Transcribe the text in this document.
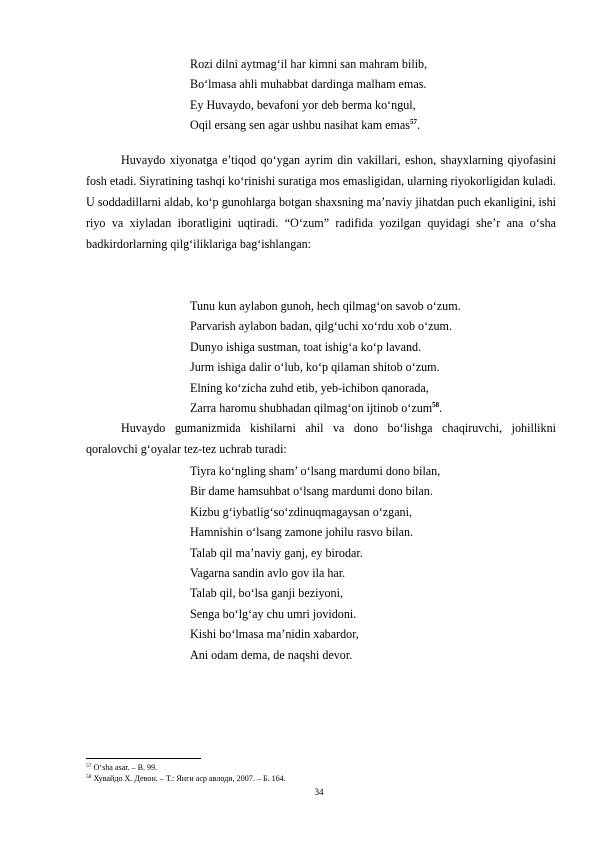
Rozi dilni aytmag‘il har kimni san mahram bilib,
Bo‘lmasa ahli muhabbat dardinga malham emas.
Ey Huvaydo, bevafoni yor deb berma ko‘ngul,
Oqil ersang sen agar ushbu nasihat kam emas$^{57}$.

Huvaydo xiyonatga e’tiqod qo‘ygan ayrim din vakillari, eshon, shayxlarning qiyofasini fosh etadi. Siyratining tashqi ko‘rinishi suratiga mos emasligidan, ularning riyokorligidan kuladi. U soddadillarni aldab, ko‘p gunohlarga botgan shaxsning ma’naviy jihatdan puch ekanligini, ishi riyo va xiyladan iboratligini uqtiradi. “O‘zum” radifida yozilgan quyidagi she’r ana o‘sha badkirdorlarning qilg‘iliklariga bag‘ishlangan:

Tunu kun aylabon gunoh, hech qilmag‘on savob o‘zum.
Parvarish aylabon badan, qilg‘uchi xo‘rdu xob o‘zum.
Dunyo ishiga sustman, toat ishig‘a ko‘p lavand.
Jurm ishiga dalir o‘lub, ko‘p qilaman shitob o‘zum.
Elning ko‘zicha zuhd etib, yeb-ichibon qanorada,
Zarra haromu shubhadan qilmag‘on ijtinob o‘zum$^{58}$.

Huvaydo gumanizmida kishilarni ahil va dono bo‘lishga chaqiruvchi, johillikni qoralovchi g‘oyalar tez-tez uchrab turadi:

Tiyra ko‘ngling sham’ o‘lsang mardumi dono bilan,
Bir dame hamsuhbat o‘lsang mardumi dono bilan.
Kizbu g‘iybatlig‘so‘zdinuqmagaysan o‘zgani,
Hamnishin o‘lsang zamone johilu rasvo bilan.
Talab qil ma’naviy ganj, ey birodar.
Vagarna sandin avlo gov ila har.
Talab qil, bo‘lsa ganji beziyoni,
Senga bo‘lg‘ay chu umri jovidoni.
Kishi bo‘lmasa ma’nidin xabardor,
Ani odam dema, de naqshi devor.
$^{57}$ O‘sha asar. – B. 99.
$^{58}$ Хувайдо Х. Девон. – Т.: Янги аср авлоди, 2007. – Б. 164.
34
